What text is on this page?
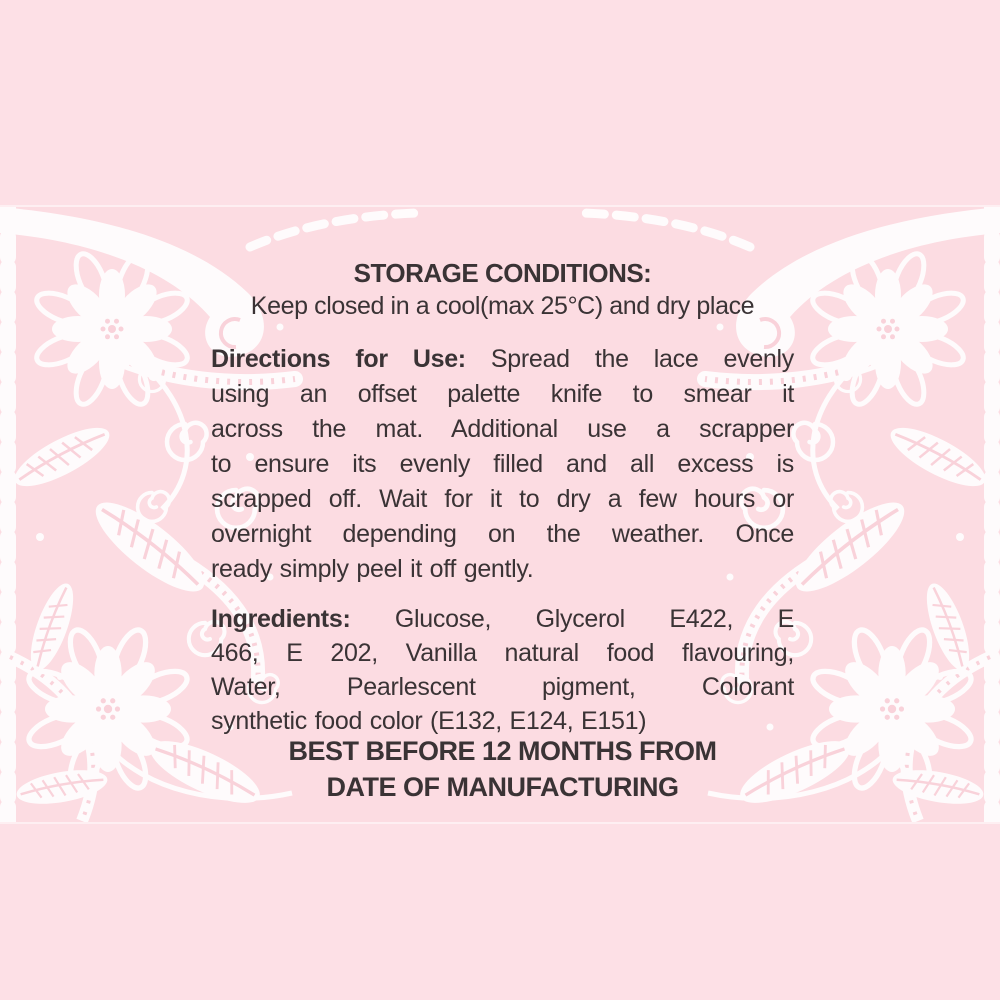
STORAGE CONDITIONS:
Keep closed in a cool(max 25°C) and dry place
Directions for Use: Spread the lace evenly
using an offset palette knife to smear it
across the mat. Additional use a scrapper
to ensure its evenly filled and all excess is
scrapped off. Wait for it to dry a few hours or
overnight depending on the weather. Once
ready simply peel it off gently.
Ingredients: Glucose, Glycerol E422, E
466, E 202, Vanilla natural food flavouring,
Water, Pearlescent pigment, Colorant
synthetic food color (E132, E124, E151)
BEST BEFORE 12 MONTHS FROM
DATE OF MANUFACTURING
